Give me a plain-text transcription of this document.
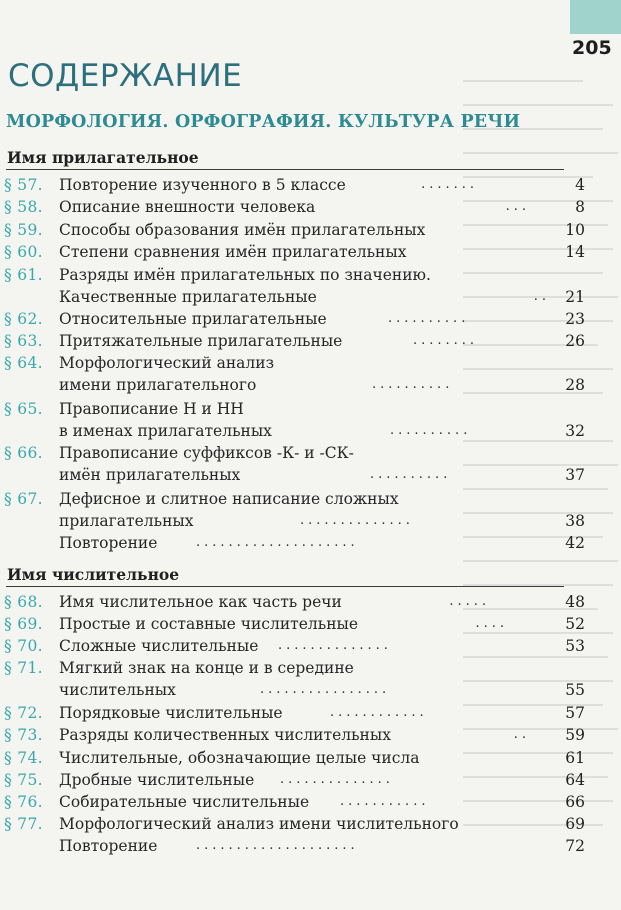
205
СОДЕРЖАНИЕ
МОРФОЛОГИЯ. ОРФОГРАФИЯ. КУЛЬТУРА РЕЧИ
Имя прилагательное
§ 57. Повторение изученного в 5 классе	.......	4
§ 58. Описание внешности человека	...	8
§ 59. Способы образования имён прилагательных	10
§ 60. Степени сравнения имён прилагательных	14
§ 61. Разряды имён прилагательных по значению.
Качественные прилагательные	.. 21
§ 62. Относительные прилагательные	..........	23
§ 63. Притяжательные прилагательные	........	26
§ 64. Морфологический анализ
имени прилагательного	..........	28
§ 65. Правописание Н и НН
в именах прилагательных	..........	32
§ 66. Правописание суффиксов -К- и -СК-
имён прилагательных	..........	37
§ 67. Дефисное и слитное написание сложных
прилагательных	..............	38
Повторение	....................	42
Имя числительное
§ 68. Имя числительное как часть речи	.....	48
§ 69. Простые и составные числительные	....	52
§ 70. Сложные числительные ..............	53
§ 71. Мягкий знак на конце и в середине
числительных	................	55
§ 72. Порядковые числительные	............	57
§ 73. Разряды количественных числительных	..	59
§ 74. Числительные, обозначающие целые числа	61
§ 75. Дробные числительные ..............	64
§ 76. Собирательные числительные ...........	66
§ 77. Морфологический анализ имени числительного	69
Повторение	....................	72
